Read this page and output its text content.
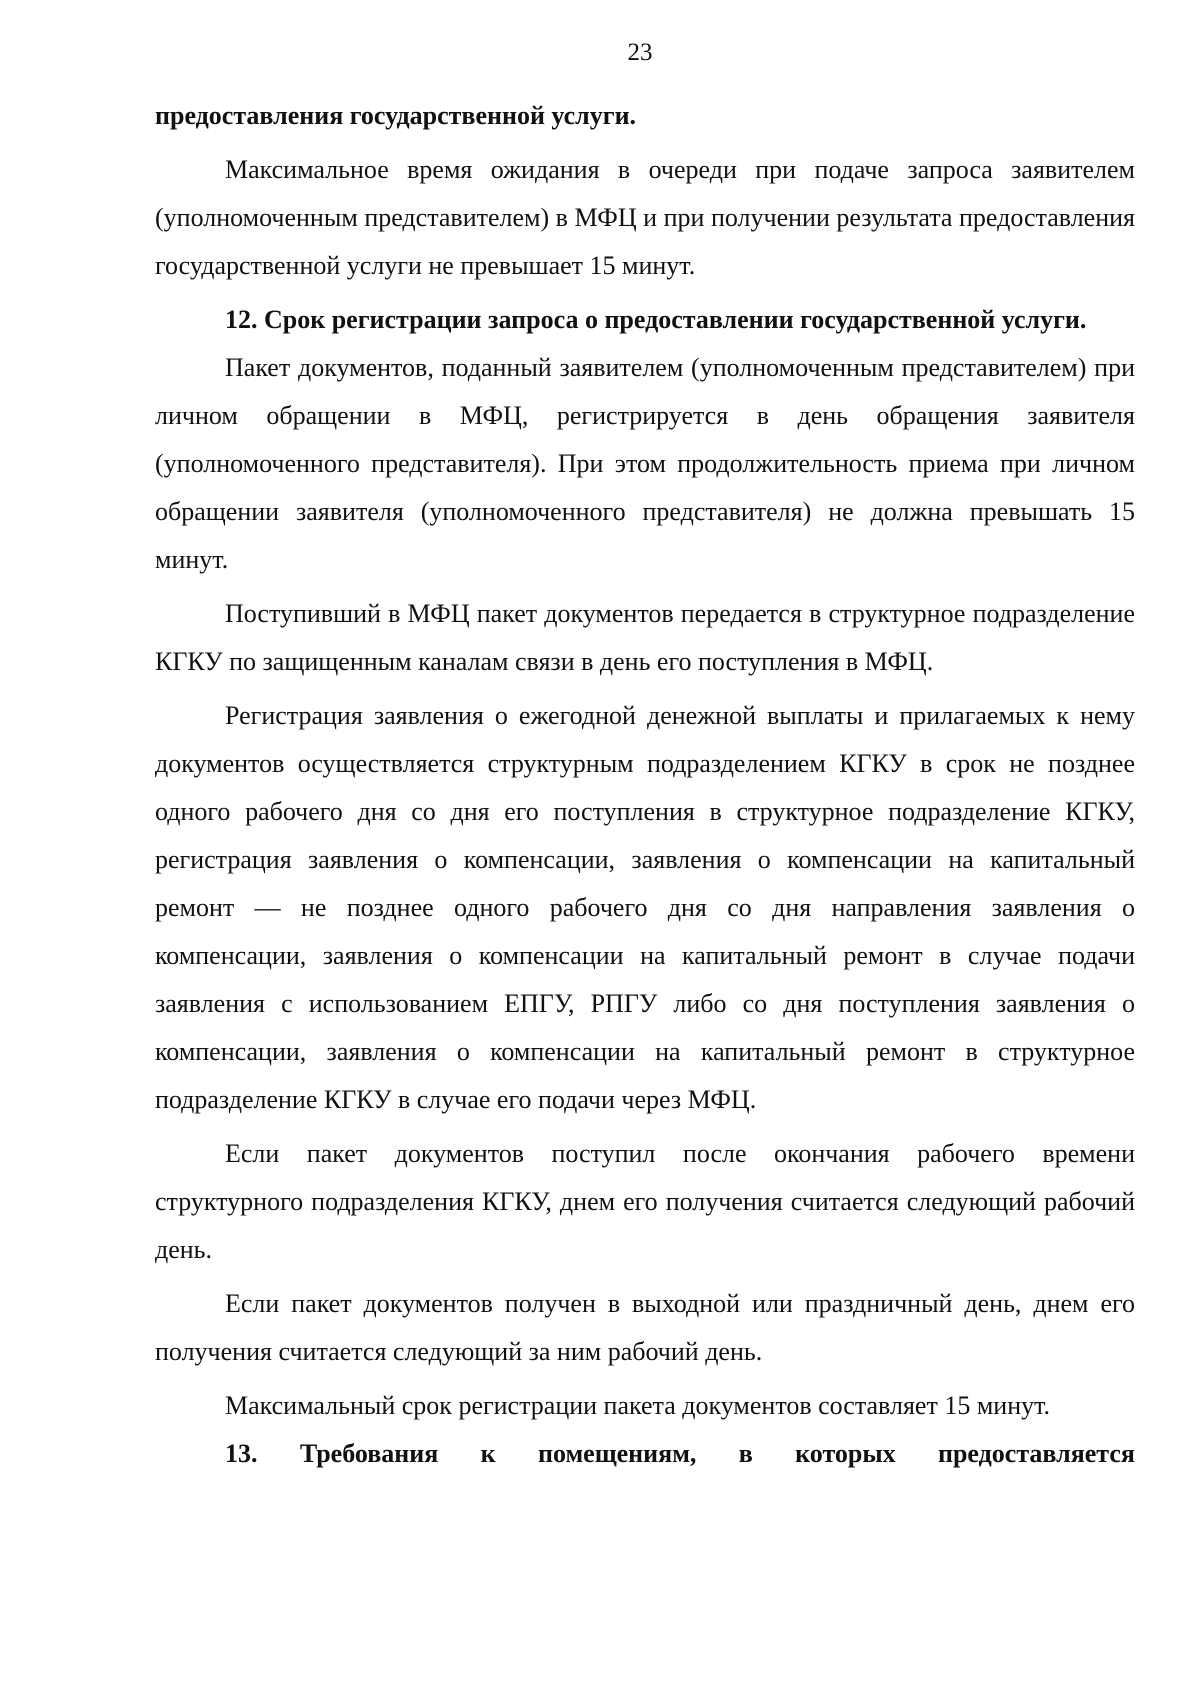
23

предоставления государственной услуги.

Максимальное время ожидания в очереди при подаче запроса заявителем (уполномоченным представителем) в МФЦ и при получении результата предоставления государственной услуги не превышает 15 минут.

12. Срок регистрации запроса о предоставлении государственной услуги.

Пакет документов, поданный заявителем (уполномоченным представителем) при личном обращении в МФЦ, регистрируется в день обращения заявителя (уполномоченного представителя). При этом продолжительность приема при личном обращении заявителя (уполномоченного представителя) не должна превышать 15 минут.

Поступивший в МФЦ пакет документов передается в структурное подразделение КГКУ по защищенным каналам связи в день его поступления в МФЦ.

Регистрация заявления о ежегодной денежной выплаты и прилагаемых к нему документов осуществляется структурным подразделением КГКУ в срок не позднее одного рабочего дня со дня его поступления в структурное подразделение КГКУ, регистрация заявления о компенсации, заявления о компенсации на капитальный ремонт — не позднее одного рабочего дня со дня направления заявления о компенсации, заявления о компенсации на капитальный ремонт в случае подачи заявления с использованием ЕПГУ, РПГУ либо со дня поступления заявления о компенсации, заявления о компенсации на капитальный ремонт в структурное подразделение КГКУ в случае его подачи через МФЦ.

Если пакет документов поступил после окончания рабочего времени структурного подразделения КГКУ, днем его получения считается следующий рабочий день.

Если пакет документов получен в выходной или праздничный день, днем его получения считается следующий за ним рабочий день.

Максимальный срок регистрации пакета документов составляет 15 минут.

13. Требования к помещениям, в которых предоставляется
